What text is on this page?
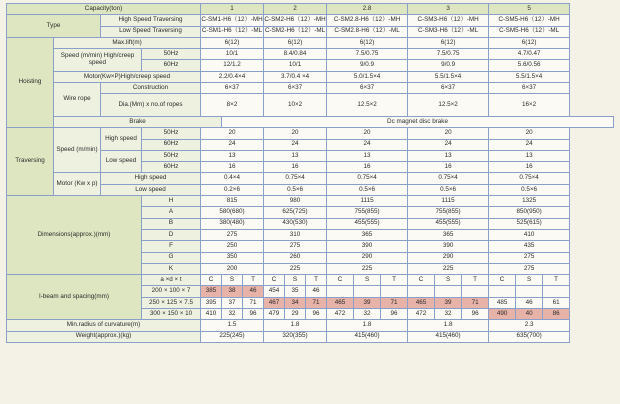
Capacity(ton)				1			2			2.8			3			5		
Type		High Speed Traversing		C-SM1-H6（12）-MH			C-SM2-H6（12）-MH			C-SM2.8-H6（12）-MH			C-SM3-H6（12）-MH			C-SM5-H6（12）-MH		
		Low Speed Traversing		C-SM1-H6（12）-ML			C-SM2-H6（12）-ML			C-SM2.8-H6（12）-ML			C-SM3-H6（12）-ML			C-SM5-H6（12）-ML		
Hoisting	Max.lift(m)			6(12)			6(12)			6(12)			6(12)			6(12)		
	Speed (m/min) High/creep speed		50Hz	10/1			8.4/0.84			7.5/0.75			7.5/0.75			4.7/0.47		
			60Hz	12/1.2			10/1			9/0.9			9/0.9			5.6/0.56		
	Motor(Kw×P)High/creep speed			2.2/0.4×4			3.7/0.4 ×4			5.0/1.5×4			5.5/1.5×4			5.5/1.5×4		
	Wire rope	Construction		6×37			6×37			6×37			6×37			6×37		
		Dia.(Mm) x no.of ropes		8×2			10×2			12.5×2			12.5×2			16×2		

	Brake				Dc magnet disc brake													
Traversing	Speed (m/min)	High speed	50Hz	20			20			20			20			20		
			60Hz	24			24			24			24			24		
		Low speed	50Hz	13			13			13			13			13		
			60Hz	16			16			16			16			16		
	Motor (Kw x p)	High speed		0.4×4			0.75×4			0.75×4			0.75×4			0.75×4		
		Low speed		0.2×6			0.5×6			0.5×6			0.5×6			0.5×6		
Dimensions(approx.)(mm)			H	815			980			1115			1115			1325		
			A	580(680)			625(725)			755(855)			755(855)			850(950)		
			B	380(480)			430(530)			455(555)			455(555)			525(615)		
			D	275			310			365			365			410		
			F	250			275			390			390			435		
			G	350			260			290			290			275		
			K	200			225			225			225			275		
I-beam and spacing(mm)			a ×d × t	C	S	T	C	S	T	C	S	T	C	S	T	C	S	T
			200 × 100 × 7	385	38	46	454	35	46									
			250 × 125 × 7.5	395	37	71	467	34	71	465	39	71	465	39	71	485	46	61
			300 × 150 × 10	410	32	96	479	29	96	472	32	96	472	32	96	490	40	86
Min.radius of curvature(m)				1.5			1.8			1.8			1.8			2.3		
Weight(approx.)(kg)				225(245)			320(355)			415(460)			415(460)			635(700)		
